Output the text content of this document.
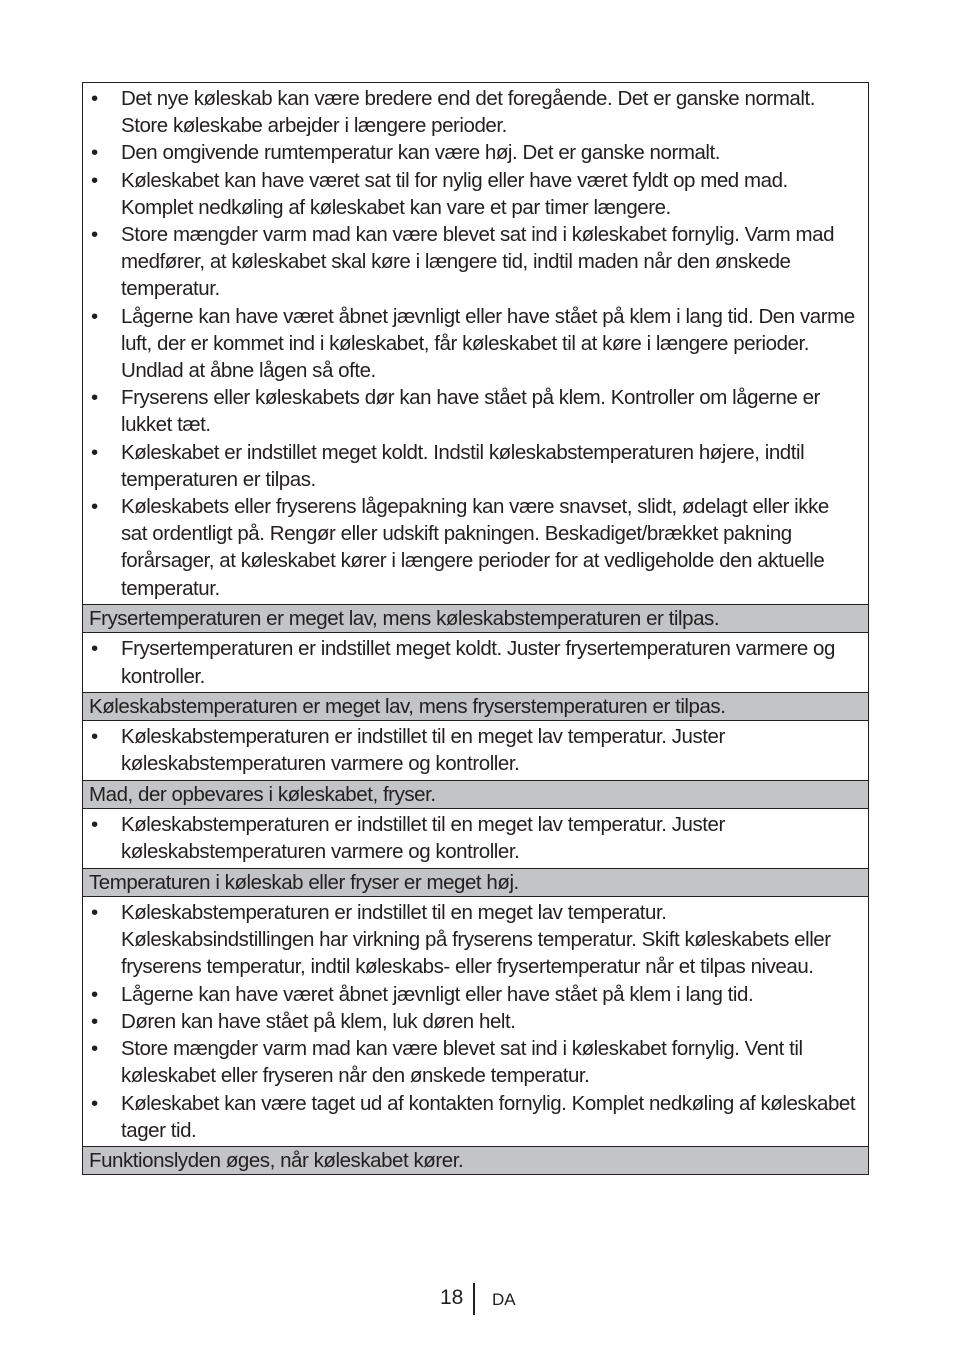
•	Det nye køleskab kan være bredere end det foregående. Det er ganske normalt. Store køleskabe arbejder i længere perioder.
•	Den omgivende rumtemperatur kan være høj. Det er ganske normalt.
•	Køleskabet kan have været sat til for nylig eller have været fyldt op med mad. Komplet nedkøling af køleskabet kan vare et par timer længere.
•	Store mængder varm mad kan være blevet sat ind i køleskabet fornylig. Varm mad medfører, at køleskabet skal køre i længere tid, indtil maden når den ønskede temperatur.
•	Lågerne kan have været åbnet jævnligt eller have stået på klem i lang tid. Den varme luft, der er kommet ind i køleskabet, får køleskabet til at køre i længere perioder. Undlad at åbne lågen så ofte.
•	Fryserens eller køleskabets dør kan have stået på klem. Kontroller om lågerne er lukket tæt.
•	Køleskabet er indstillet meget koldt. Indstil køleskabstemperaturen højere, indtil temperaturen er tilpas.
•	Køleskabets eller fryserens lågepakning kan være snavset, slidt, ødelagt eller ikke sat ordentligt på. Rengør eller udskift pakningen. Beskadiget/brækket pakning forårsager, at køleskabet kører i længere perioder for at vedligeholde den aktuelle temperatur.
Frysertemperaturen er meget lav, mens køleskabstemperaturen er tilpas.
•	Frysertemperaturen er indstillet meget koldt. Juster frysertemperaturen varmere og kontroller.
Køleskabstemperaturen er meget lav, mens fryserstemperaturen er tilpas.
•	Køleskabstemperaturen er indstillet til en meget lav temperatur. Juster køleskabstemperaturen varmere og kontroller.
Mad, der opbevares i køleskabet, fryser.
•	Køleskabstemperaturen er indstillet til en meget lav temperatur. Juster køleskabstemperaturen varmere og kontroller.
Temperaturen i køleskab eller fryser er meget høj.
•	Køleskabstemperaturen er indstillet til en meget lav temperatur. Køleskabsindstillingen har virkning på fryserens temperatur. Skift køleskabets eller fryserens temperatur, indtil køleskabs- eller frysertemperatur når et tilpas niveau.
•	Lågerne kan have været åbnet jævnligt eller have stået på klem i lang tid.
•	Døren kan have stået på klem, luk døren helt.
•	Store mængder varm mad kan være blevet sat ind i køleskabet fornylig. Vent til køleskabet eller fryseren når den ønskede temperatur.
•	Køleskabet kan være taget ud af kontakten fornylig. Komplet nedkøling af køleskabet tager tid.
Funktionslyden øges, når køleskabet kører.
18 DA
